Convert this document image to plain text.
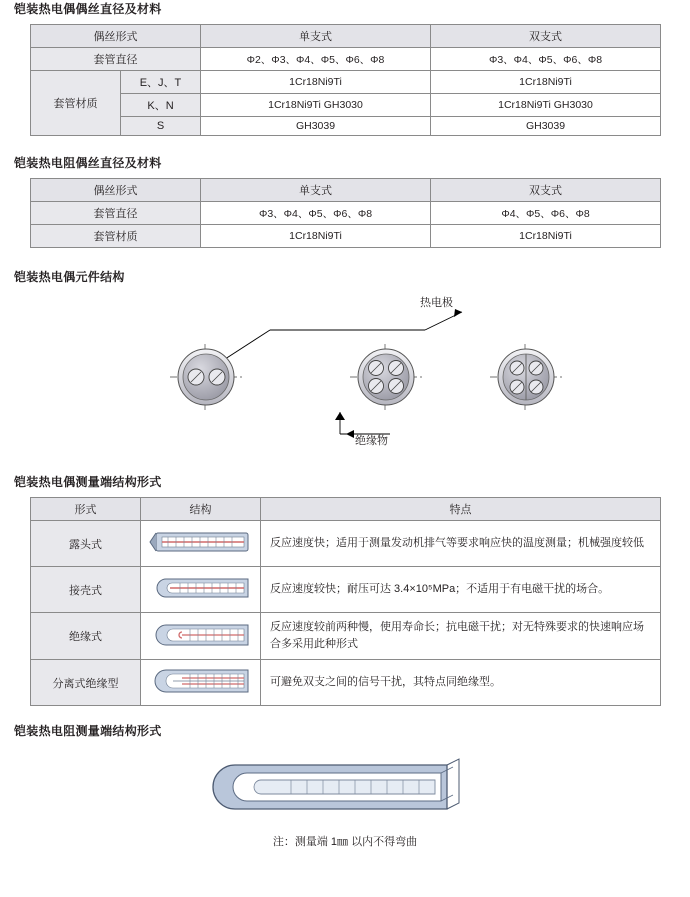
铠装热电偶偶丝直径及材料
偶丝形式		单支式	双支式
套管直径		Φ2、Φ3、Φ4、Φ5、Φ6、Φ8	Φ3、Φ4、Φ5、Φ6、Φ8
套管材质	E、J、T	1Cr18Ni9Ti	1Cr18Ni9Ti
	K、N	1Cr18Ni9Ti GH3030	1Cr18Ni9Ti GH3030
	S	GH3039	GH3039
铠装热电阻偶丝直径及材料
偶丝形式	单支式	双支式
套管直径	Φ3、Φ4、Φ5、Φ6、Φ8	Φ4、Φ5、Φ6、Φ8
套管材质	1Cr18Ni9Ti	1Cr18Ni9Ti
铠装热电偶元件结构
热电极
绝缘物
铠装热电偶测量端结构形式
形式	结构	特点
露头式		反应速度快；适用于测量发动机排气等要求响应快的温度测量；机械强度较低
接壳式		反应速度较快；耐压可达 3.4×10⁵MPa；不适用于有电磁干扰的场合。
绝缘式		反应速度较前两种慢，使用寿命长；抗电磁干扰；对无特殊要求的快速响应场合多采用此种形式
分离式绝缘型		可避免双支之间的信号干扰，其特点同绝缘型。
铠装热电阻测量端结构形式
注：测量端 1㎜ 以内不得弯曲
